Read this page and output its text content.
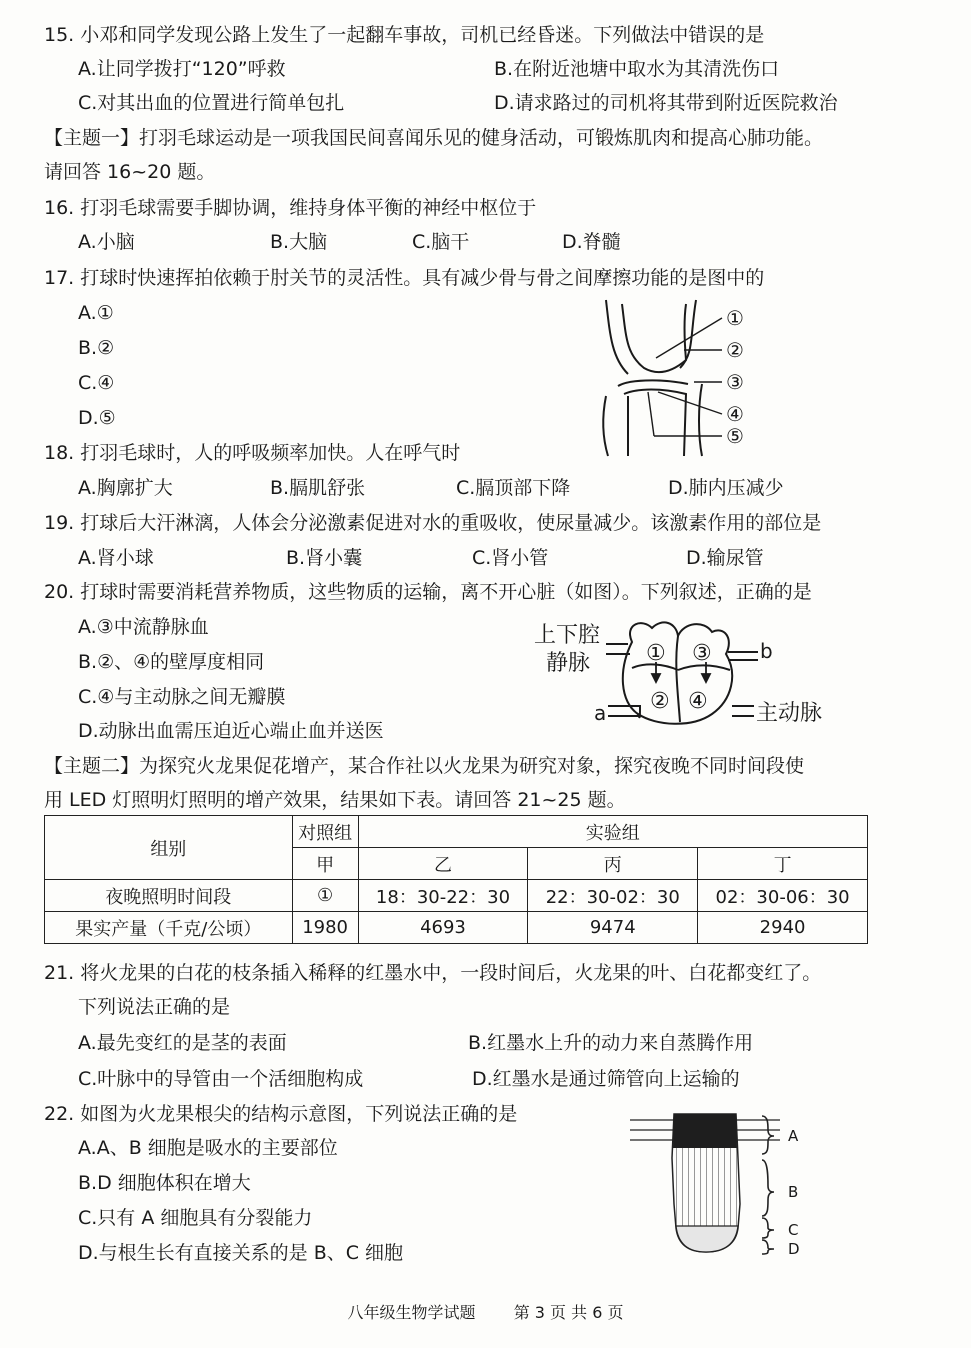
15. 小邓和同学发现公路上发生了一起翻车事故，司机已经昏迷。下列做法中错误的是
A.让同学拨打“120”呼救	B.在附近池塘中取水为其清洗伤口
C.对其出血的位置进行简单包扎	D.请求路过的司机将其带到附近医院救治
【主题一】打羽毛球运动是一项我国民间喜闻乐见的健身活动，可锻炼肌肉和提高心肺功能。
请回答 16~20 题。
16. 打羽毛球需要手脚协调，维持身体平衡的神经中枢位于
A.小脑	B.大脑	C.脑干	D.脊髓
17. 打球时快速挥拍依赖于肘关节的灵活性。具有减少骨与骨之间摩擦功能的是图中的
A.①
B.②
C.④
D.⑤
①
②
③
④
⑤
18. 打羽毛球时，人的呼吸频率加快。人在呼气时
A.胸廓扩大	B.膈肌舒张	C.膈顶部下降	D.肺内压减少
19. 打球后大汗淋漓，人体会分泌激素促进对水的重吸收，使尿量减少。该激素作用的部位是
A.肾小球	B.肾小囊	C.肾小管	D.输尿管
20. 打球时需要消耗营养物质，这些物质的运输，离不开心脏（如图）。下列叙述，正确的是
A.③中流静脉血
B.②、④的壁厚度相同
C.④与主动脉之间无瓣膜
D.动脉出血需压迫近心端止血并送医
上下腔
静脉	①
②
③
④
b
a	主动脉
【主题二】为探究火龙果促花增产，某合作社以火龙果为研究对象，探究夜晚不同时间段使
用 LED 灯照明灯照明的增产效果，结果如下表。请回答 21~25 题。
组别	对照组	实验组		
	甲	乙	丙	丁
夜晚照明时间段	①	18：30-22：30	22：30-02：30	02：30-06：30
果实产量（千克/公顷）	1980	4693	9474	2940
21. 将火龙果的白花的枝条插入稀释的红墨水中，一段时间后，火龙果的叶、白花都变红了。
下列说法正确的是
A.最先变红的是茎的表面	B.红墨水上升的动力来自蒸腾作用
C.叶脉中的导管由一个活细胞构成	D.红墨水是通过筛管向上运输的
22. 如图为火龙果根尖的结构示意图，下列说法正确的是
A.A、B 细胞是吸水的主要部位
B.D 细胞体积在增大
C.只有 A 细胞具有分裂能力
D.与根生长有直接关系的是 B、C 细胞
A
B
C
D
八年级生物学试题 第 3 页 共 6 页
